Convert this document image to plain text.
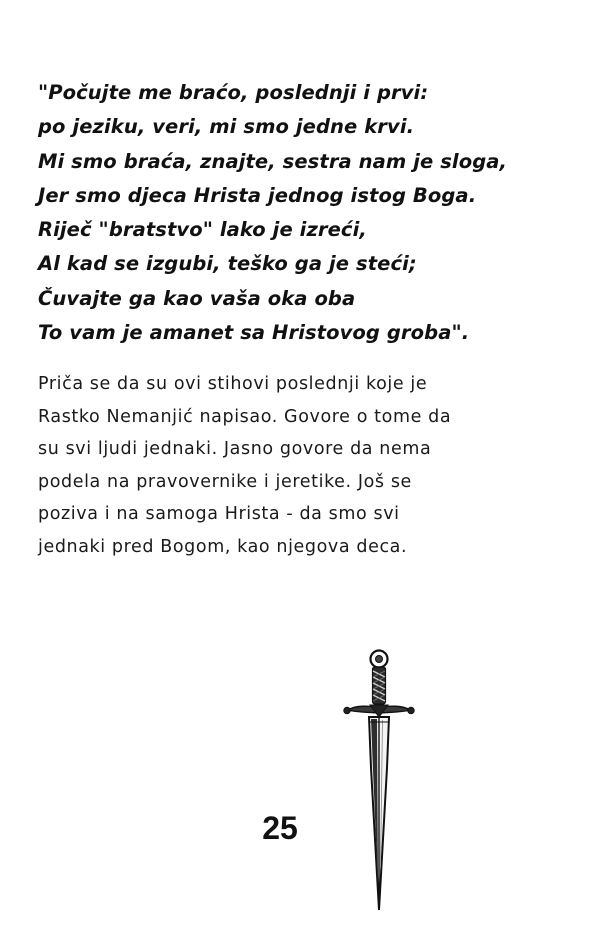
"Počujte me braćo, poslednji i prvi:
po jeziku, veri, mi smo jedne krvi.
Mi smo braća, znajte, sestra nam je sloga,
Jer smo djeca Hrista jednog istog Boga.
Riječ "bratstvo" lako je izreći,
Al kad se izgubi, teško ga je steći;
Čuvajte ga kao vaša oka oba
To vam je amanet sa Hristovog groba".
Priča se da su ovi stihovi poslednji koje je
Rastko Nemanjić napisao. Govore o tome da
su svi ljudi jednaki. Jasno govore da nema
podela na pravovernike i jeretike. Još se
poziva i na samoga Hrista - da smo svi
jednaki pred Bogom, kao njegova deca.
25
